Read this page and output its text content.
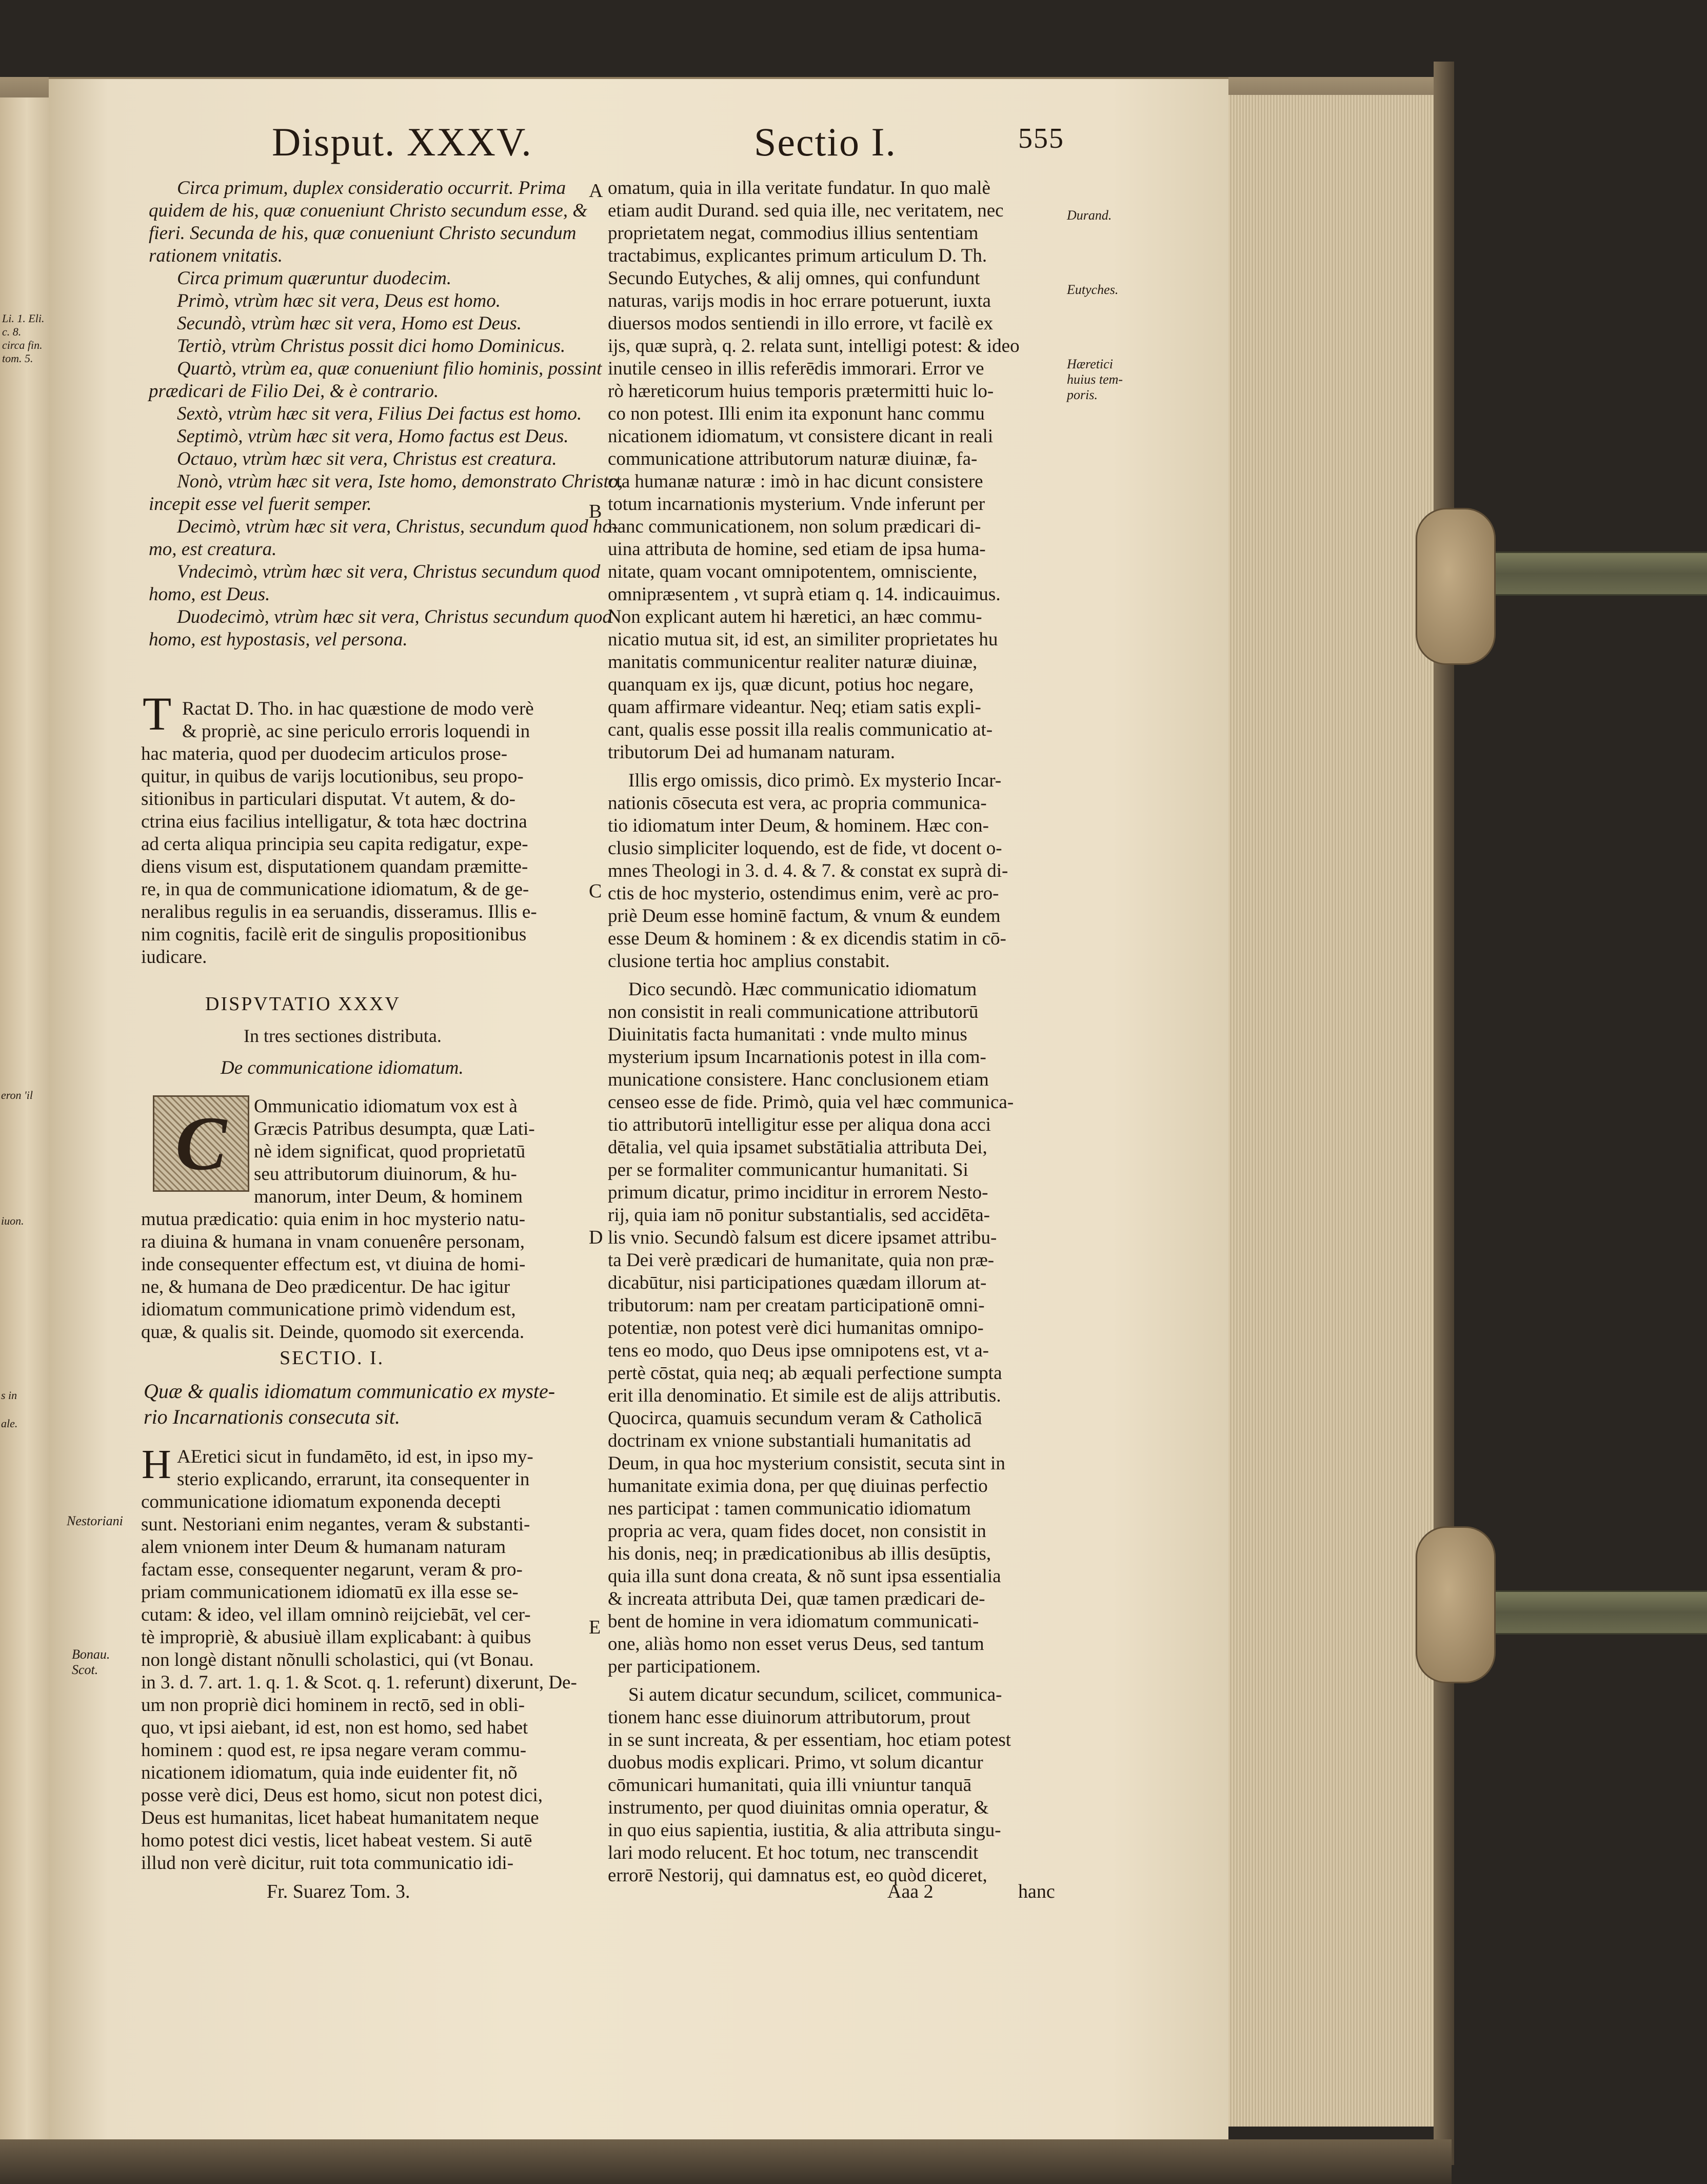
Li. 1. Eli. c. 8. circa fin. tom. 5.
eron 'il
iuon.
s in
ale.
Disput. XXXV.	Sectio I.	555
C
T
H
A
B
C
D
E
Durand.
Eutyches.
Hæretici huius tem-poris.
Nestoriani
Bonau. Scot.
Circa primum, duplex consideratio occurrit. Prima
quidem de his, quæ conueniunt Christo secundum esse, &
fieri. Secunda de his, quæ conueniunt Christo secundum
rationem vnitatis.
Circa primum quæruntur duodecim.
Primò, vtrùm hæc sit vera, Deus est homo.
Secundò, vtrùm hæc sit vera, Homo est Deus.
Tertiò, vtrùm Christus possit dici homo Dominicus.
Quartò, vtrùm ea, quæ conueniunt filio hominis, possint
prædicari de Filio Dei, & è contrario.
Sextò, vtrùm hæc sit vera, Filius Dei factus est homo.
Septimò, vtrùm hæc sit vera, Homo factus est Deus.
Octauo, vtrùm hæc sit vera, Christus est creatura.
Nonò, vtrùm hæc sit vera, Iste homo, demonstrato Christo,
incepit esse vel fuerit semper.
Decimò, vtrùm hæc sit vera, Christus, secundum quod ho-
mo, est creatura.
Vndecimò, vtrùm hæc sit vera, Christus secundum quod
homo, est Deus.
Duodecimò, vtrùm hæc sit vera, Christus secundum quod
homo, est hypostasis, vel persona.
Ractat D. Tho. in hac quæstione de modo verè
& propriè, ac sine periculo erroris loquendi in
hac materia, quod per duodecim articulos prose-
quitur, in quibus de varijs locutionibus, seu propo-
sitionibus in particulari disputat. Vt autem, & do-
ctrina eius facilius intelligatur, & tota hæc doctrina
ad certa aliqua principia seu capita redigatur, expe-
diens visum est, disputationem quandam præmitte-
re, in qua de communicatione idiomatum, & de ge-
neralibus regulis in ea seruandis, disseramus. Illis e-
nim cognitis, facilè erit de singulis propositionibus
iudicare.
DISPVTATIO XXXV
In tres sectiones distributa.
De communicatione idiomatum.
Ommunicatio idiomatum vox est à
Græcis Patribus desumpta, quæ Lati-
nè idem significat, quod proprietatū
seu attributorum diuinorum, & hu-
manorum, inter Deum, & hominem
mutua prædicatio: quia enim in hoc mysterio natu-
ra diuina & humana in vnam conuenêre personam,
inde consequenter effectum est, vt diuina de homi-
ne, & humana de Deo prædicentur. De hac igitur
idiomatum communicatione primò videndum est,
quæ, & qualis sit. Deinde, quomodo sit exercenda.
SECTIO. I.
Quæ & qualis idiomatum communicatio ex myste-
rio Incarnationis consecuta sit.
AEretici sicut in fundamēto, id est, in ipso my-
sterio explicando, errarunt, ita consequenter in
communicatione idiomatum exponenda decepti
sunt. Nestoriani enim negantes, veram & substanti-
alem vnionem inter Deum & humanam naturam
factam esse, consequenter negarunt, veram & pro-
priam communicationem idiomatū ex illa esse se-
cutam: & ideo, vel illam omninò reijciebāt, vel cer-
tè impropriè, & abusiuè illam explicabant: à quibus
non longè distant nõnulli scholastici, qui (vt Bonau.
in 3. d. 7. art. 1. q. 1. & Scot. q. 1. referunt) dixerunt, De-
um non propriè dici hominem in rectō, sed in obli-
quo, vt ipsi aiebant, id est, non est homo, sed habet
hominem : quod est, re ipsa negare veram commu-
nicationem idiomatum, quia inde euidenter fit, nõ
posse verè dici, Deus est homo, sicut non potest dici,
Deus est humanitas, licet habeat humanitatem neque
homo potest dici vestis, licet habeat vestem. Si autē
illud non verè dicitur, ruit tota communicatio idi-
Fr. Suarez Tom. 3.
omatum, quia in illa veritate fundatur. In quo malè
etiam audit Durand. sed quia ille, nec veritatem, nec
proprietatem negat, commodius illius sententiam
tractabimus, explicantes primum articulum D. Th.
Secundo Eutyches, & alij omnes, qui confundunt
naturas, varijs modis in hoc errare potuerunt, iuxta
diuersos modos sentiendi in illo errore, vt facilè ex
ijs, quæ suprà, q. 2. relata sunt, intelligi potest: & ideo
inutile censeo in illis referēdis immorari. Error ve
rò hæreticorum huius temporis prætermitti huic lo-
co non potest. Illi enim ita exponunt hanc commu
nicationem idiomatum, vt consistere dicant in reali
communicatione attributorum naturæ diuinæ, fa-
cta humanæ naturæ : imò in hac dicunt consistere
totum incarnationis mysterium. Vnde inferunt per
hanc communicationem, non solum prædicari di-
uina attributa de homine, sed etiam de ipsa huma-
nitate, quam vocant omnipotentem, omnisciente,
omnipræsentem , vt suprà etiam q. 14. indicauimus.
Non explicant autem hi hæretici, an hæc commu-
nicatio mutua sit, id est, an similiter proprietates hu
manitatis communicentur realiter naturæ diuinæ,
quanquam ex ijs, quæ dicunt, potius hoc negare,
quam affirmare videantur. Neq; etiam satis expli-
cant, qualis esse possit illa realis communicatio at-
tributorum Dei ad humanam naturam.
Illis ergo omissis, dico primò. Ex mysterio Incar-
nationis cōsecuta est vera, ac propria communica-
tio idiomatum inter Deum, & hominem. Hæc con-
clusio simpliciter loquendo, est de fide, vt docent o-
mnes Theologi in 3. d. 4. & 7. & constat ex suprà di-
ctis de hoc mysterio, ostendimus enim, verè ac pro-
priè Deum esse hominē factum, & vnum & eundem
esse Deum & hominem : & ex dicendis statim in cō-
clusione tertia hoc amplius constabit.
Dico secundò. Hæc communicatio idiomatum
non consistit in reali communicatione attributorū
Diuinitatis facta humanitati : vnde multo minus
mysterium ipsum Incarnationis potest in illa com-
municatione consistere. Hanc conclusionem etiam
censeo esse de fide. Primò, quia vel hæc communica-
tio attributorū intelligitur esse per aliqua dona acci
dētalia, vel quia ipsamet substātialia attributa Dei,
per se formaliter communicantur humanitati. Si
primum dicatur, primo inciditur in errorem Nesto-
rij, quia iam nō ponitur substantialis, sed accidēta-
lis vnio. Secundò falsum est dicere ipsamet attribu-
ta Dei verè prædicari de humanitate, quia non præ-
dicabūtur, nisi participationes quædam illorum at-
tributorum: nam per creatam participationē omni-
potentiæ, non potest verè dici humanitas omnipo-
tens eo modo, quo Deus ipse omnipotens est, vt a-
pertè cōstat, quia neq; ab æquali perfectione sumpta
erit illa denominatio. Et simile est de alijs attributis.
Quocirca, quamuis secundum veram & Catholicā
doctrinam ex vnione substantiali humanitatis ad
Deum, in qua hoc mysterium consistit, secuta sint in
humanitate eximia dona, per quę diuinas perfectio
nes participat : tamen communicatio idiomatum
propria ac vera, quam fides docet, non consistit in
his donis, neq; in prædicationibus ab illis desūptis,
quia illa sunt dona creata, & nõ sunt ipsa essentialia
& increata attributa Dei, quæ tamen prædicari de-
bent de homine in vera idiomatum communicati-
one, aliàs homo non esset verus Deus, sed tantum
per participationem.
Si autem dicatur secundum, scilicet, communica-
tionem hanc esse diuinorum attributorum, prout
in se sunt increata, & per essentiam, hoc etiam potest
duobus modis explicari. Primo, vt solum dicantur
cōmunicari humanitati, quia illi vniuntur tanquā
instrumento, per quod diuinitas omnia operatur, &
in quo eius sapientia, iustitia, & alia attributa singu-
lari modo relucent. Et hoc totum, nec transcendit
errorē Nestorij, qui damnatus est, eo quòd diceret,
Aaa 2	hanc
